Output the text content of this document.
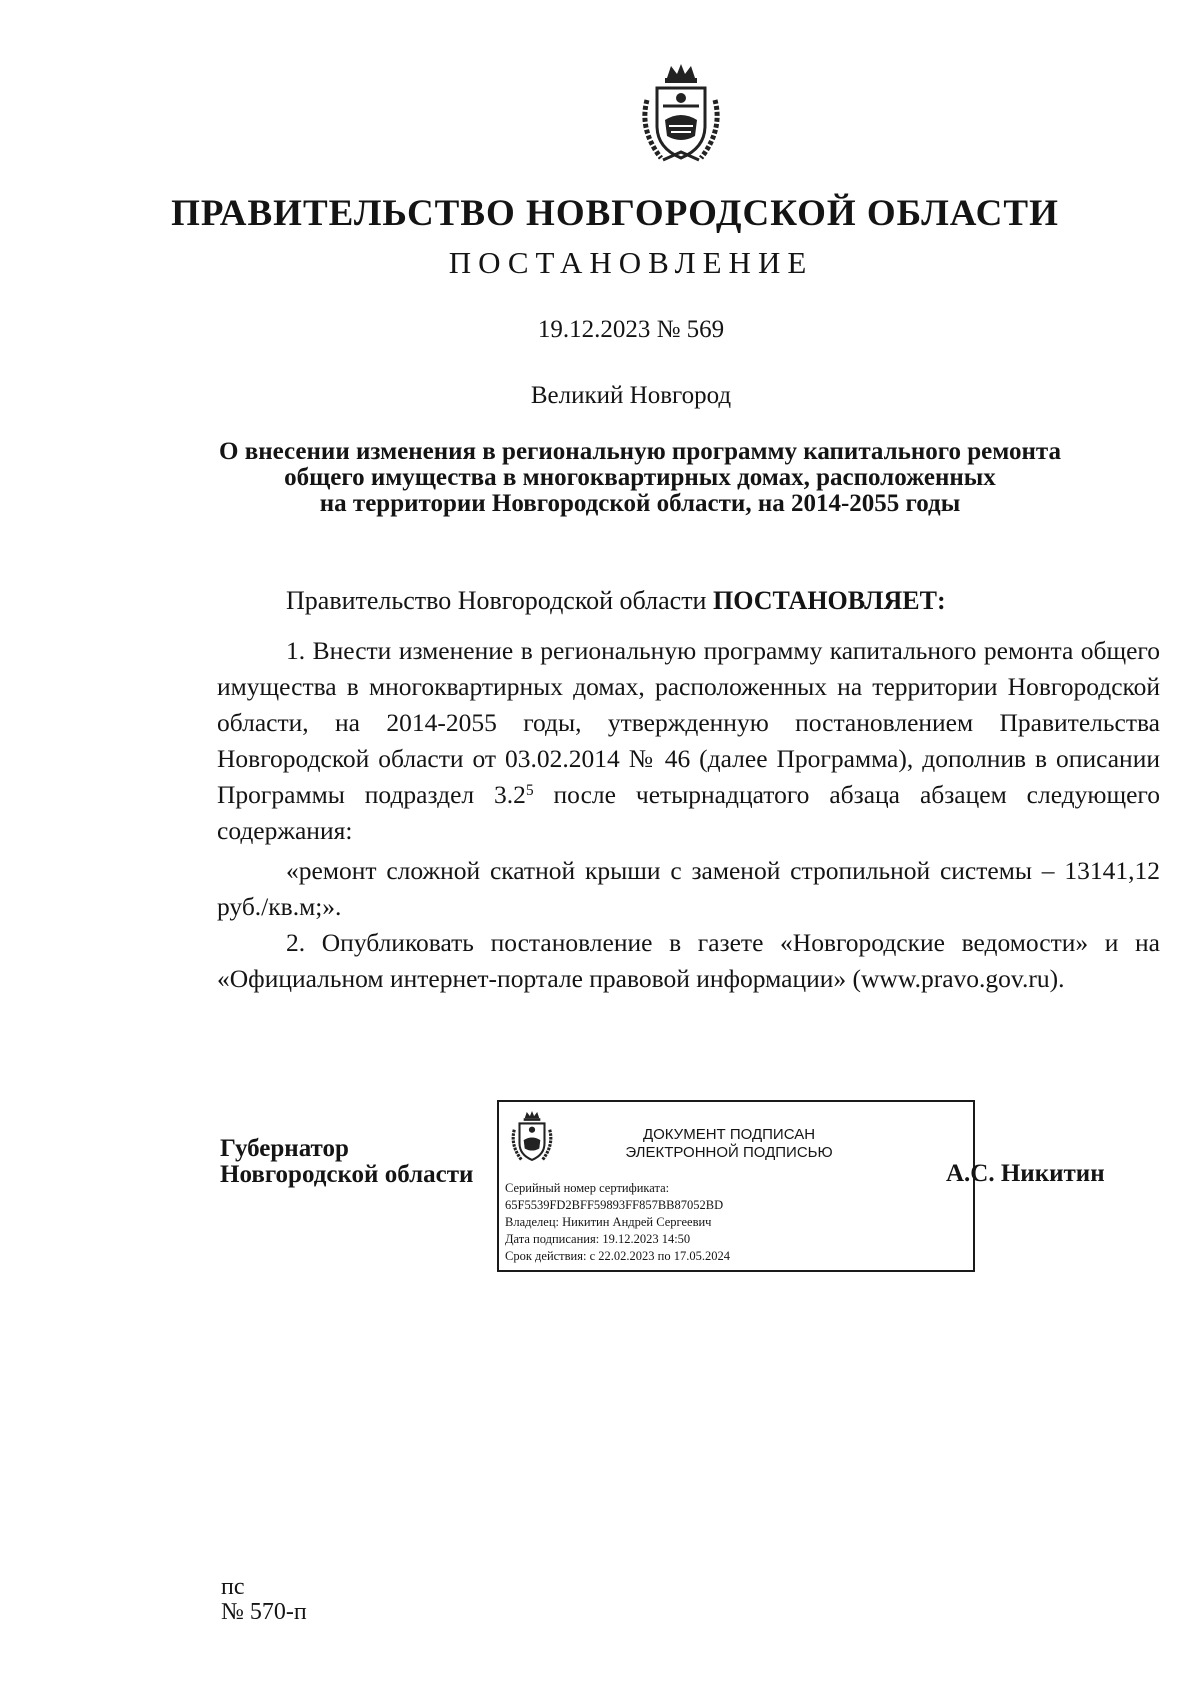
ПРАВИТЕЛЬСТВО НОВГОРОДСКОЙ ОБЛАСТИ
ПОСТАНОВЛЕНИЕ
19.12.2023 № 569
Великий Новгород
О внесении изменения в региональную программу капитального ремонта
общего имущества в многоквартирных домах, расположенных
на территории Новгородской области, на 2014-2055 годы
Правительство Новгородской области ПОСТАНОВЛЯЕТ:

1. Внести изменение в региональную программу капитального ремонта общего имущества в многоквартирных домах, расположенных на территории Новгородской области, на 2014-2055 годы, утвержденную постановлением Правительства Новгородской области от 03.02.2014 № 46 (далее Программа), дополнив в описании Программы подраздел $3.2^5$ после четырнадцатого абзаца абзацем следующего содержания:

«ремонт сложной скатной крыши с заменой стропильной системы – 13141,12 руб./кв.м;».

2. Опубликовать постановление в газете «Новгородские ведомости» и на «Официальном интернет-портале правовой информации» (www.pravo.gov.ru).

Губернатор
Новгородской области
ДОКУМЕНТ ПОДПИСАН
ЭЛЕКТРОННОЙ ПОДПИСЬЮ
Серийный номер сертификата:
65F5539FD2BFF59893FF857BB87052BD
Владелец: Никитин Андрей Сергеевич
Дата подписания: 19.12.2023 14:50
Срок действия: с 22.02.2023 по 17.05.2024
А.С. Никитин
пс
№ 570-п
